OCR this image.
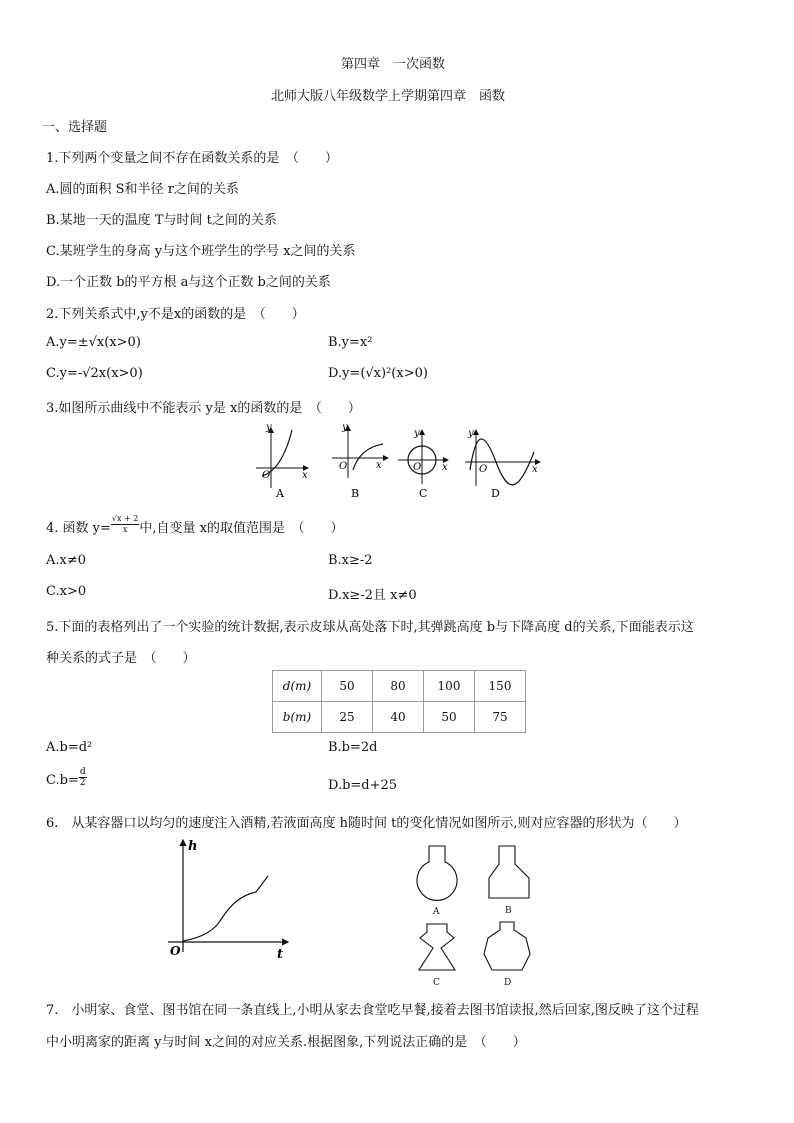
第四章　一次函数
北师大版八年级数学上学期第四章　函数
一、选择题
1.下列两个变量之间不存在函数关系的是　（　　）
A.圆的面积 S和半径 r之间的关系
B.某地一天的温度 T与时间 t之间的关系
C.某班学生的身高 y与这个班学生的学号 x之间的关系
D.一个正数 b的平方根 a与这个正数 b之间的关系
2.下列关系式中,y不是x的函数的是　（　　）
A.y=±√x(x>0)	B.y=x²
C.y=-√2x(x>0)	D.y=(√x)²(x>0)
3.如图所示曲线中不能表示 y是 x的函数的是　（　　）
y
x
O
A
y
x
O
B
y
x
O
C
y
x
O
D
h
t
O
A	B
C	D
4. 函数 $y= \frac{√x + 2}{x}$ 中,自变量 x的取值范围是　（　　）
A.x≠0	B.x≥-2
C.x>0	D.x≥-2且 x≠0
5.下面的表格列出了一个实验的统计数据,表示皮球从高处落下时,其弹跳高度 b与下降高度 d的关系,下面能表示这
种关系的式子是　（　　）
d(m)	50	80	100	150
b(m)	25	40	50	75
A.b=d²	B.b=2d
$C.b= \frac{d}{2}$	D.b=d+25
6.　从某容器口以均匀的速度注入酒精,若液面高度 h随时间 t的变化情况如图所示,则对应容器的形状为（　　）
7.　小明家、食堂、图书馆在同一条直线上,小明从家去食堂吃早餐,接着去图书馆读报,然后回家,图反映了这个过程
中小明离家的距离 y与时间 x之间的对应关系.根据图象,下列说法正确的是　（　　）
